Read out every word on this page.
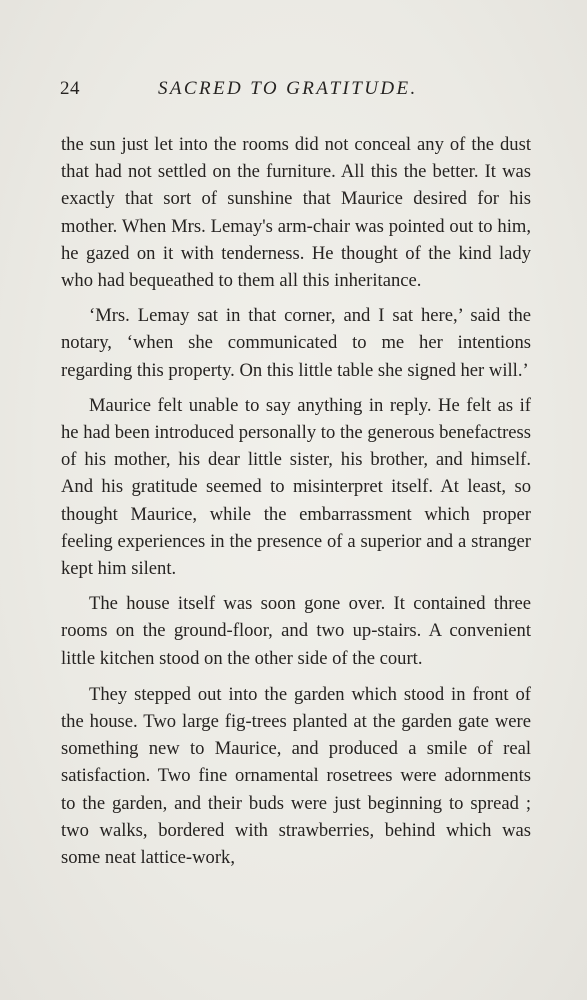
24	SACRED TO GRATITUDE.

the sun just let into the rooms did not conceal any of the dust that had not settled on the furniture. All this the better. It was exactly that sort of sunshine that Maurice desired for his mother. When Mrs. Lemay's arm-chair was pointed out to him, he gazed on it with tenderness. He thought of the kind lady who had bequeathed to them all this inheritance.

‘Mrs. Lemay sat in that corner, and I sat here,’ said the notary, ‘when she communicated to me her intentions regarding this property. On this little table she signed her will.’

Maurice felt unable to say anything in reply. He felt as if he had been introduced personally to the generous benefactress of his mother, his dear little sister, his brother, and himself. And his gratitude seemed to misinterpret itself. At least, so thought Maurice, while the embarrassment which proper feeling experiences in the presence of a superior and a stranger kept him silent.

The house itself was soon gone over. It contained three rooms on the ground-floor, and two up-stairs. A convenient little kitchen stood on the other side of the court.

They stepped out into the garden which stood in front of the house. Two large fig-trees planted at the garden gate were something new to Maurice, and produced a smile of real satisfaction. Two fine ornamental rosetrees were adornments to the garden, and their buds were just beginning to spread ; two walks, bordered with strawberries, behind which was some neat lattice-work,
